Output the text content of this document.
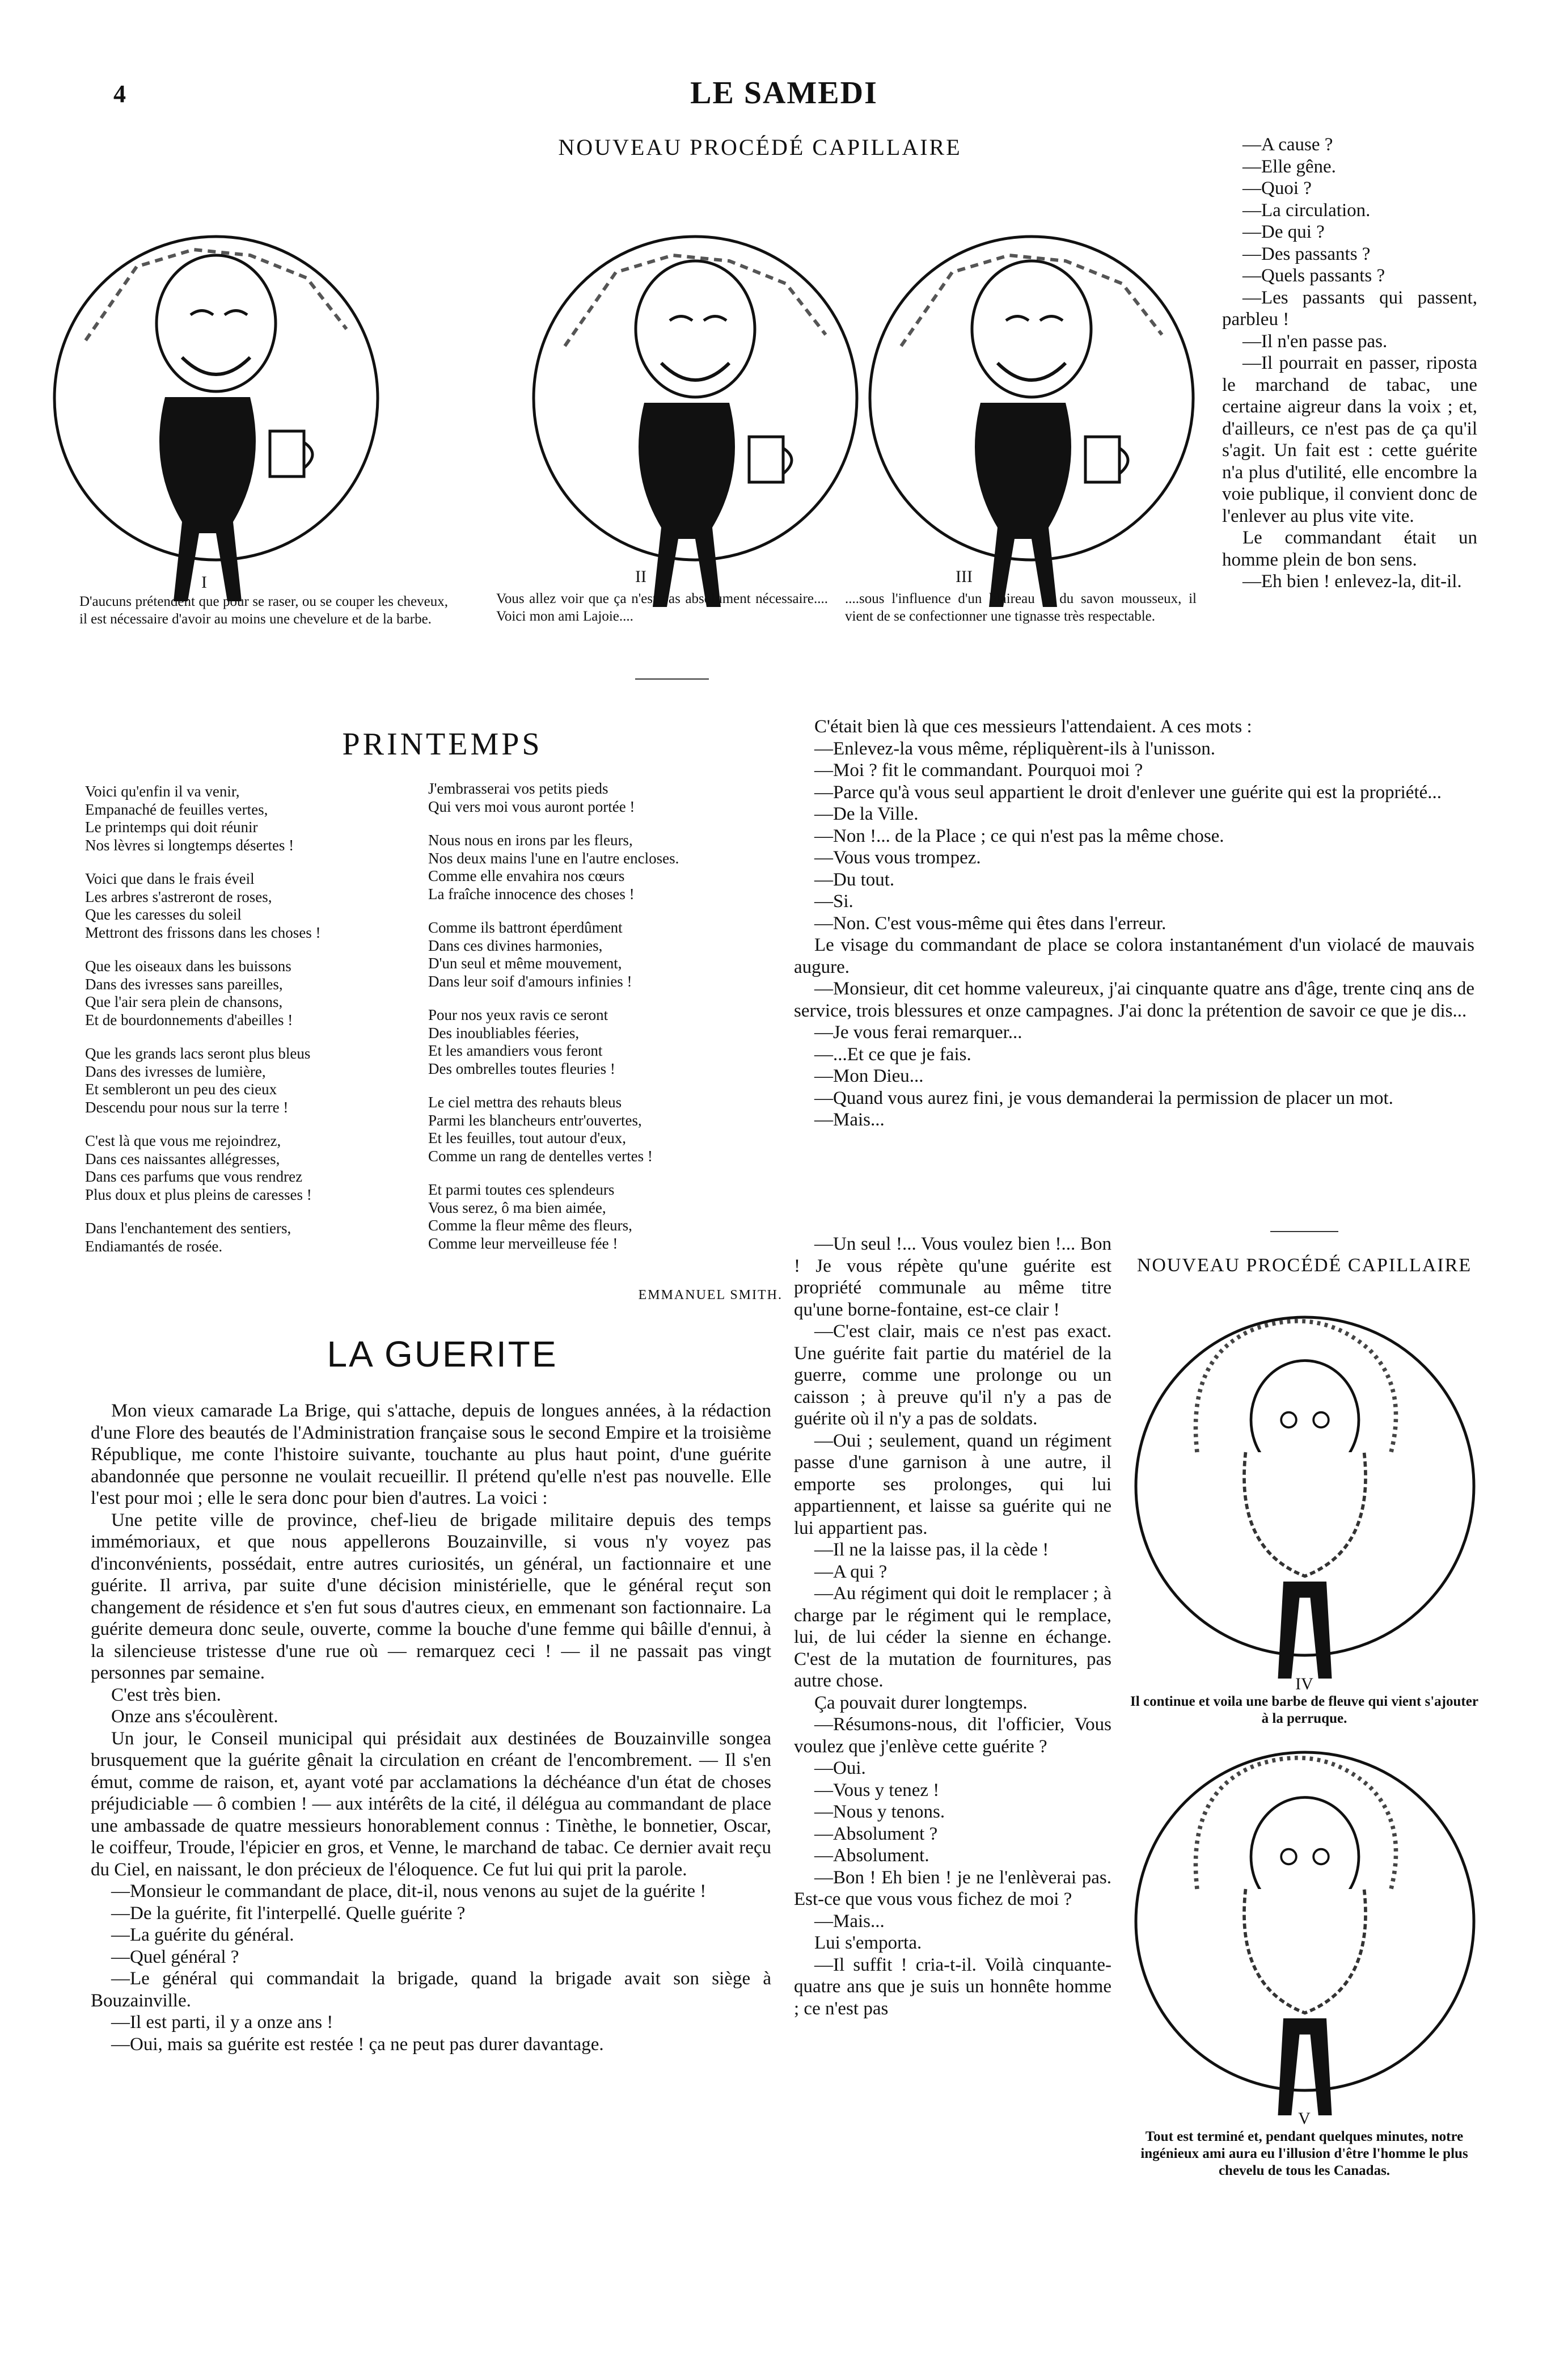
4	LE SAMEDI
NOUVEAU PROCÉDÉ CAPILLAIRE
I
D'aucuns prétendent que pour se raser, ou se couper les cheveux, il est nécessaire d'avoir au moins une chevelure et de la barbe.
II
Vous allez voir que ça n'est pas absolument nécessaire.... Voici mon ami Lajoie....
III
....sous l'influence d'un blaireau et du savon mousseux, il vient de se confectionner une tignasse très respectable.
PRINTEMPS
Voici qu'enfin il va venir,
Empanaché de feuilles vertes,
Le printemps qui doit réunir
Nos lèvres si longtemps désertes !
Voici que dans le frais éveil
Les arbres s'astreront de roses,
Que les caresses du soleil
Mettront des frissons dans les choses !
Que les oiseaux dans les buissons
Dans des ivresses sans pareilles,
Que l'air sera plein de chansons,
Et de bourdonnements d'abeilles !
Que les grands lacs seront plus bleus
Dans des ivresses de lumière,
Et sembleront un peu des cieux
Descendu pour nous sur la terre !
C'est là que vous me rejoindrez,
Dans ces naissantes allégresses,
Dans ces parfums que vous rendrez
Plus doux et plus pleins de caresses !
Dans l'enchantement des sentiers,
Endiamantés de rosée.
J'embrasserai vos petits pieds
Qui vers moi vous auront portée !
Nous nous en irons par les fleurs,
Nos deux mains l'une en l'autre encloses.
Comme elle envahira nos cœurs
La fraîche innocence des choses !
Comme ils battront éperdûment
Dans ces divines harmonies,
D'un seul et même mouvement,
Dans leur soif d'amours infinies !
Pour nos yeux ravis ce seront
Des inoubliables féeries,
Et les amandiers vous feront
Des ombrelles toutes fleuries !
Le ciel mettra des rehauts bleus
Parmi les blancheurs entr'ouvertes,
Et les feuilles, tout autour d'eux,
Comme un rang de dentelles vertes !
Et parmi toutes ces splendeurs
Vous serez, ô ma bien aimée,
Comme la fleur même des fleurs,
Comme leur merveilleuse fée !
EMMANUEL SMITH.
LA GUERITE

Mon vieux camarade La Brige, qui s'attache, depuis de longues années, à la rédaction d'une Flore des beautés de l'Administration française sous le second Empire et la troisième République, me conte l'histoire suivante, touchante au plus haut point, d'une guérite abandonnée que personne ne voulait recueillir. Il prétend qu'elle n'est pas nouvelle. Elle l'est pour moi ; elle le sera donc pour bien d'autres. La voici :

Une petite ville de province, chef-lieu de brigade militaire depuis des temps immémoriaux, et que nous appellerons Bouzainville, si vous n'y voyez pas d'inconvénients, possédait, entre autres curiosités, un général, un factionnaire et une guérite. Il arriva, par suite d'une décision ministérielle, que le général reçut son changement de résidence et s'en fut sous d'autres cieux, en emmenant son factionnaire. La guérite demeura donc seule, ouverte, comme la bouche d'une femme qui bâille d'ennui, à la silencieuse tristesse d'une rue où — remarquez ceci ! — il ne passait pas vingt personnes par semaine.

C'est très bien.

Onze ans s'écoulèrent.

Un jour, le Conseil municipal qui présidait aux destinées de Bouzainville songea brusquement que la guérite gênait la circulation en créant de l'encombrement. — Il s'en émut, comme de raison, et, ayant voté par acclamations la déchéance d'un état de choses préjudiciable — ô combien ! — aux intérêts de la cité, il délégua au commandant de place une ambassade de quatre messieurs honorablement connus : Tinèthe, le bonnetier, Oscar, le coiffeur, Troude, l'épicier en gros, et Venne, le marchand de tabac. Ce dernier avait reçu du Ciel, en naissant, le don précieux de l'éloquence. Ce fut lui qui prit la parole.

—Monsieur le commandant de place, dit-il, nous venons au sujet de la guérite !

—De la guérite, fit l'interpellé. Quelle guérite ?

—La guérite du général.

—Quel général ?

—Le général qui commandait la brigade, quand la brigade avait son siège à Bouzainville.

—Il est parti, il y a onze ans !

—Oui, mais sa guérite est restée ! ça ne peut pas durer davantage.

—A cause ?

—Elle gêne.

—Quoi ?

—La circulation.

—De qui ?

—Des passants ?

—Quels passants ?

—Les passants qui passent, parbleu !

—Il n'en passe pas.

—Il pourrait en passer, riposta le marchand de tabac, une certaine aigreur dans la voix ; et, d'ailleurs, ce n'est pas de ça qu'il s'agit. Un fait est : cette guérite n'a plus d'utilité, elle encombre la voie publique, il convient donc de l'enlever au plus vite vite.

Le commandant était un homme plein de bon sens.

—Eh bien ! enlevez-la, dit-il.

C'était bien là que ces messieurs l'attendaient. A ces mots :

—Enlevez-la vous même, répliquèrent-ils à l'unisson.

—Moi ? fit le commandant. Pourquoi moi ?

—Parce qu'à vous seul appartient le droit d'enlever une guérite qui est la propriété...

—De la Ville.

—Non !... de la Place ; ce qui n'est pas la même chose.

—Vous vous trompez.

—Du tout.

—Si.

—Non. C'est vous-même qui êtes dans l'erreur.

Le visage du commandant de place se colora instantanément d'un violacé de mauvais augure.

—Monsieur, dit cet homme valeureux, j'ai cinquante quatre ans d'âge, trente cinq ans de service, trois blessures et onze campagnes. J'ai donc la prétention de savoir ce que je dis...

—Je vous ferai remarquer...

—...Et ce que je fais.

—Mon Dieu...

—Quand vous aurez fini, je vous demanderai la permission de placer un mot.

—Mais...

—Un seul !... Vous voulez bien !... Bon ! Je vous répète qu'une guérite est propriété communale au même titre qu'une borne-fontaine, est-ce clair !

—C'est clair, mais ce n'est pas exact. Une guérite fait partie du matériel de la guerre, comme une prolonge ou un caisson ; à preuve qu'il n'y a pas de guérite où il n'y a pas de soldats.

—Oui ; seulement, quand un régiment passe d'une garnison à une autre, il emporte ses prolonges, qui lui appartiennent, et laisse sa guérite qui ne lui appartient pas.

—Il ne la laisse pas, il la cède !

—A qui ?

—Au régiment qui doit le remplacer ; à charge par le régiment qui le remplace, lui, de lui céder la sienne en échange. C'est de la mutation de fournitures, pas autre chose.

Ça pouvait durer longtemps.

—Résumons-nous, dit l'officier, Vous voulez que j'enlève cette guérite ?

—Oui.

—Vous y tenez !

—Nous y tenons.

—Absolument ?

—Absolument.

—Bon ! Eh bien ! je ne l'enlèverai pas. Est-ce que vous vous fichez de moi ?

—Mais...

Lui s'emporta.

—Il suffit ! cria-t-il. Voilà cinquante-quatre ans que je suis un honnête homme ; ce n'est pas

NOUVEAU PROCÉDÉ CAPILLAIRE
IV
Il continue et voila une barbe de fleuve qui vient s'ajouter à la perruque.
V
Tout est terminé et, pendant quelques minutes, notre ingénieux ami aura eu l'illusion d'être l'homme le plus chevelu de tous les Canadas.
